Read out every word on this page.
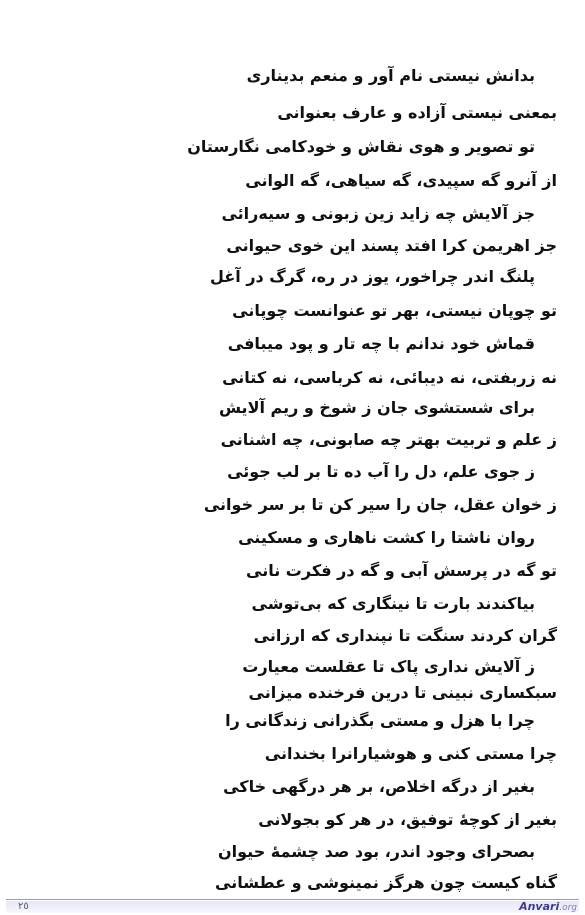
بدانش نیستی نام آور و منعم بدیناری
بمعنی نیستی آزاده و عارف بعنوانی
تو تصویر و هوی نقاش و خودکامی نگارستان
از آنرو گه سپیدی، گه سیاهی، گه الوانی
جز آلایش چه زاید زین زبونی و سیه‌رائی
جز اهریمن کرا افتد پسند این خوی حیوانی
پلنگ اندر چراخور، یوز در ره، گرگ در آغل
تو چوپان نیستی، بهر تو عنوانست چوپانی
قماش خود ندانم با چه تار و پود میبافی
نه زربفتی، نه دیبائی، نه کرباسی، نه کتانی
برای شستشوی جان ز شوخ و ریم آلایش
ز علم و تربیت بهتر چه صابونی، چه اشنانی
ز جوی علم، دل را آب ده تا بر لب جوئی
ز خوان عقل، جان را سیر کن تا بر سر خوانی
روان ناشتا را کشت ناهاری و مسکینی
تو گه در پرسش آبی و گه در فکرت نانی
بیاکندند بارت تا نینگاری که بی‌توشی
گران کردند سنگت تا نپنداری که ارزانی
ز آلایش نداری پاک تا عقلست معیارت
سبکساری نبینی تا درین فرخنده میزانی
چرا با هزل و مستی بگذرانی زندگانی را
چرا مستی کنی و هوشیارانرا بخندانی
بغیر از درگه اخلاص، بر هر درگهی خاکی
بغیر از کوچهٔ توفیق، در هر کو بجولانی
بصحرای وجود اندر، بود صد چشمهٔ حیوان
گناه کیست چون هرگز نمینوشی و عطشانی
٢٥	Anvari.org
